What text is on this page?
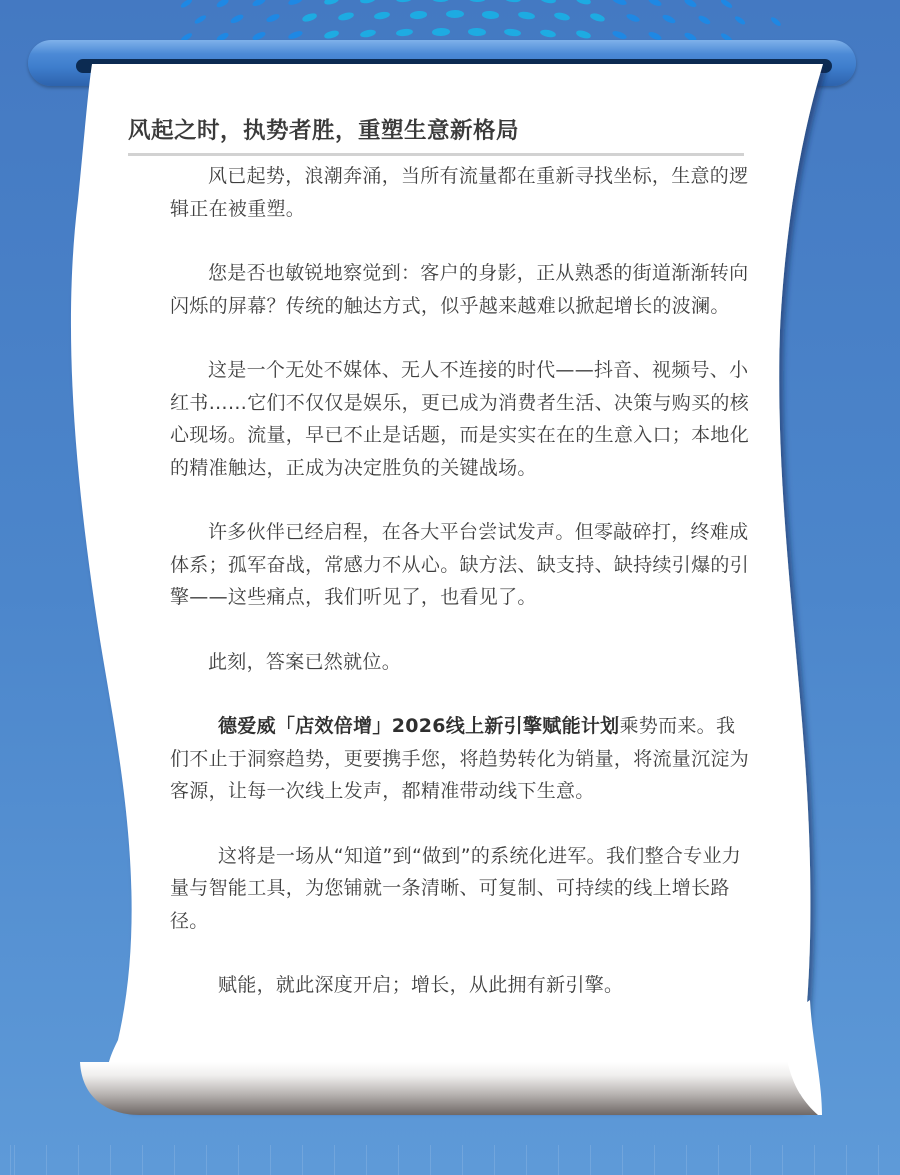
风起之时，执势者胜，重塑生意新格局

风已起势，浪潮奔涌，当所有流量都在重新寻找坐标，生意的逻辑正在被重塑。

您是否也敏锐地察觉到：客户的身影，正从熟悉的街道渐渐转向闪烁的屏幕？传统的触达方式，似乎越来越难以掀起增长的波澜。

这是一个无处不媒体、无人不连接的时代——抖音、视频号、小红书……它们不仅仅是娱乐，更已成为消费者生活、决策与购买的核心现场。流量，早已不止是话题，而是实实在在的生意入口；本地化的精准触达，正成为决定胜负的关键战场。

许多伙伴已经启程，在各大平台尝试发声。但零敲碎打，终难成体系；孤军奋战，常感力不从心。缺方法、缺支持、缺持续引爆的引擎——这些痛点，我们听见了，也看见了。

此刻，答案已然就位。

德爱威「店效倍增」2026线上新引擎赋能计划乘势而来。我们不止于洞察趋势，更要携手您，将趋势转化为销量，将流量沉淀为客源，让每一次线上发声，都精准带动线下生意。

这将是一场从“知道”到“做到”的系统化进军。我们整合专业力量与智能工具，为您铺就一条清晰、可复制、可持续的线上增长路径。

赋能，就此深度开启；增长，从此拥有新引擎。
